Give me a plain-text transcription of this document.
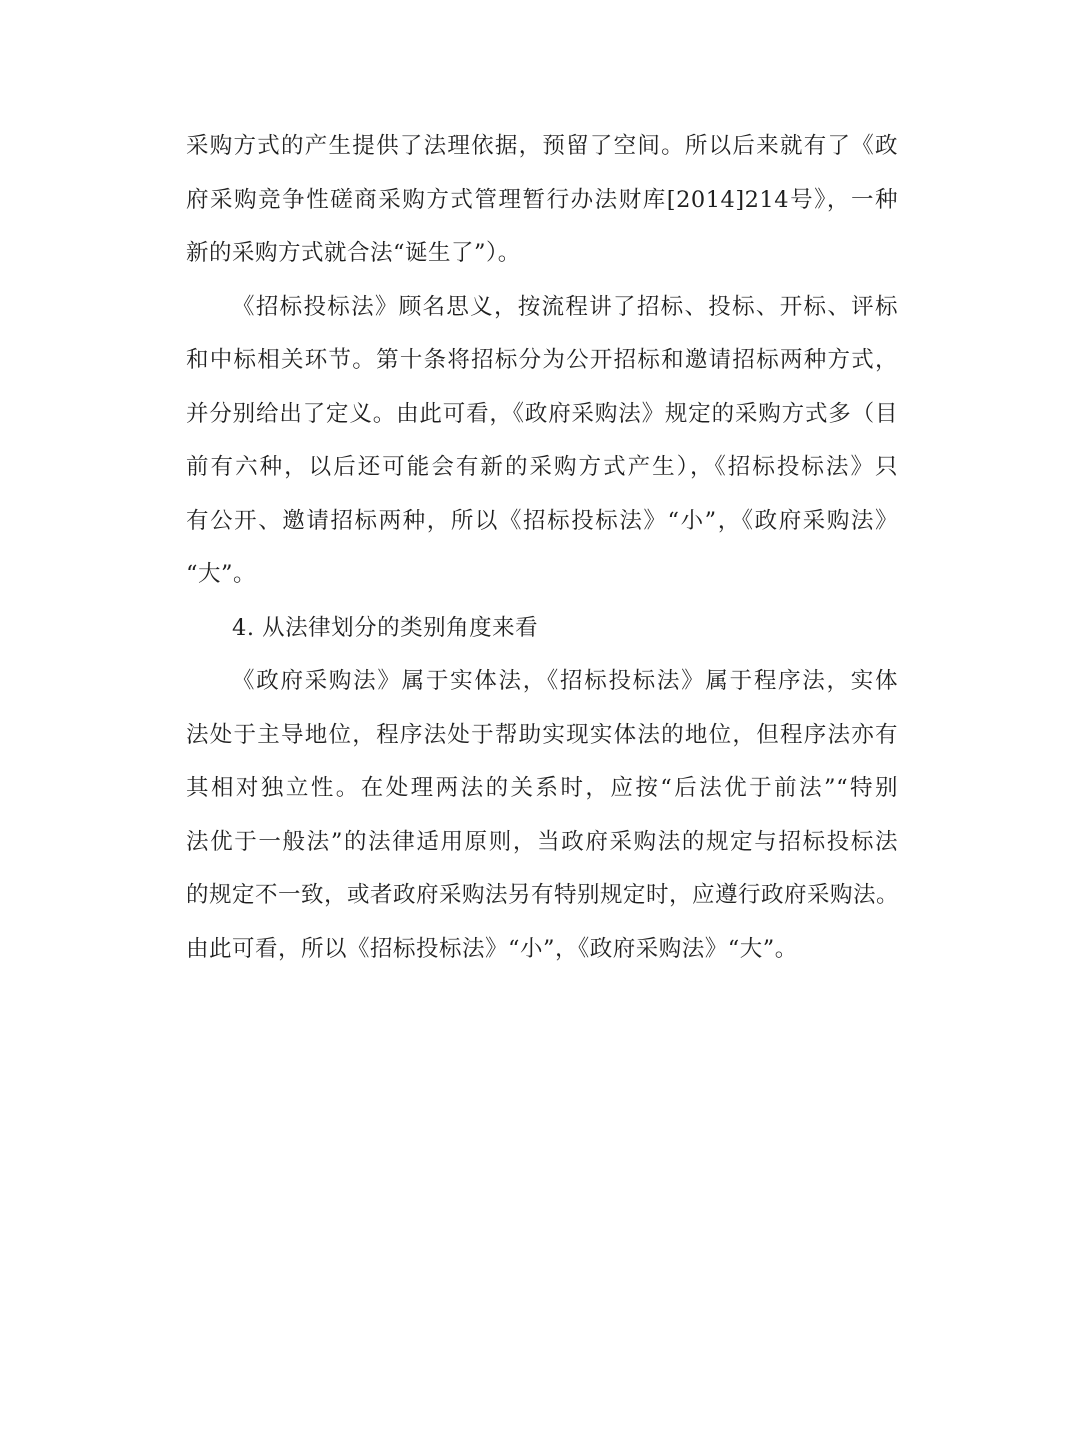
采购方式的产生提供了法理依据，预留了空间。所以后来就有了《政
府采购竞争性磋商采购方式管理暂行办法财库[2014]214号》，一种
新的采购方式就合法“诞生了”）。
《招标投标法》顾名思义，按流程讲了招标、投标、开标、评标
和中标相关环节。第十条将招标分为公开招标和邀请招标两种方式，
并分别给出了定义。由此可看，《政府采购法》规定的采购方式多（目
前有六种，以后还可能会有新的采购方式产生），《招标投标法》只
有公开、邀请招标两种，所以《招标投标法》“小”，《政府采购法》
“大”。
4. 从法律划分的类别角度来看
《政府采购法》属于实体法，《招标投标法》属于程序法，实体
法处于主导地位，程序法处于帮助实现实体法的地位，但程序法亦有
其相对独立性。在处理两法的关系时，应按“后法优于前法”“特别
法优于一般法”的法律适用原则，当政府采购法的规定与招标投标法
的规定不一致，或者政府采购法另有特别规定时，应遵行政府采购法。
由此可看，所以《招标投标法》“小”，《政府采购法》“大”。
